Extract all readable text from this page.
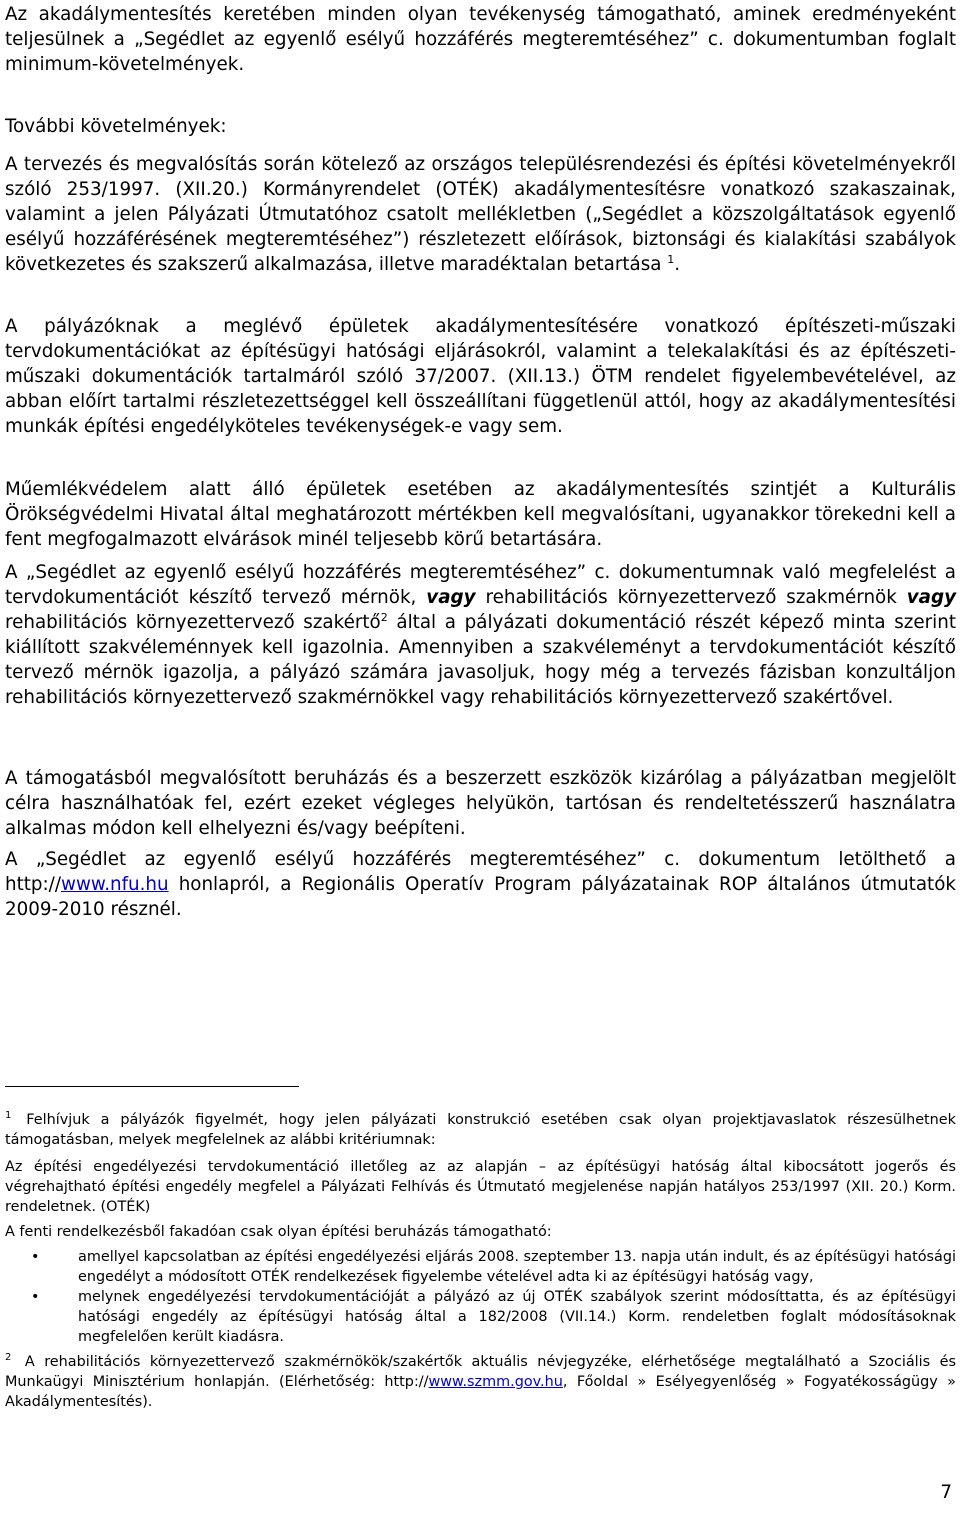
Az akadálymentesítés keretében minden olyan tevékenység támogatható, aminek eredményeként teljesülnek a „Segédlet az egyenlő esélyű hozzáférés megteremtéséhez” c. dokumentumban foglalt minimum-követelmények.

További követelmények:

A tervezés és megvalósítás során kötelező az országos településrendezési és építési követelményekről szóló 253/1997. (XII.20.) Kormányrendelet (OTÉK) akadálymentesítésre vonatkozó szakaszainak, valamint a jelen Pályázati Útmutatóhoz csatolt mellékletben („Segédlet a közszolgáltatások egyenlő esélyű hozzáférésének megteremtéséhez”) részletezett előírások, biztonsági és kialakítási szabályok következetes és szakszerű alkalmazása, illetve maradéktalan betartása $^1$.

A pályázóknak a meglévő épületek akadálymentesítésére vonatkozó építészeti-műszaki tervdokumentációkat az építésügyi hatósági eljárásokról, valamint a telekalakítási és az építészeti-műszaki dokumentációk tartalmáról szóló 37/2007. (XII.13.) ÖTM rendelet figyelembevételével, az abban előírt tartalmi részletezettséggel kell összeállítani függetlenül attól, hogy az akadálymentesítési munkák építési engedélyköteles tevékenységek-e vagy sem.

Műemlékvédelem alatt álló épületek esetében az akadálymentesítés szintjét a Kulturális Örökségvédelmi Hivatal által meghatározott mértékben kell megvalósítani, ugyanakkor törekedni kell a fent megfogalmazott elvárások minél teljesebb körű betartására.

A „Segédlet az egyenlő esélyű hozzáférés megteremtéséhez” c. dokumentumnak való megfelelést a tervdokumentációt készítő tervező mérnök, vagy rehabilitációs környezettervező szakmérnök vagy rehabilitációs környezettervező szakértő$^2$ által a pályázati dokumentáció részét képező minta szerint kiállított szakvéleménnyek kell igazolnia. Amennyiben a szakvéleményt a tervdokumentációt készítő tervező mérnök igazolja, a pályázó számára javasoljuk, hogy még a tervezés fázisban konzultáljon rehabilitációs környezettervező szakmérnökkel vagy rehabilitációs környezettervező szakértővel.

A támogatásból megvalósított beruházás és a beszerzett eszközök kizárólag a pályázatban megjelölt célra használhatóak fel, ezért ezeket végleges helyükön, tartósan és rendeltetésszerű használatra alkalmas módon kell elhelyezni és/vagy beépíteni.

A „Segédlet az egyenlő esélyű hozzáférés megteremtéséhez” c. dokumentum letölthető a http://www.nfu.hu honlapról, a Regionális Operatív Program pályázatainak ROP általános útmutatók 2009-2010 résznél.

$^1$ Felhívjuk a pályázók figyelmét, hogy jelen pályázati konstrukció esetében csak olyan projektjavaslatok részesülhetnek támogatásban, melyek megfelelnek az alábbi kritériumnak:

Az építési engedélyezési tervdokumentáció illetőleg az az alapján – az építésügyi hatóság által kibocsátott jogerős és végrehajtható építési engedély megfelel a Pályázati Felhívás és Útmutató megjelenése napján hatályos 253/1997 (XII. 20.) Korm. rendeletnek. (OTÉK)

A fenti rendelkezésből fakadóan csak olyan építési beruházás támogatható:

•	amellyel kapcsolatban az építési engedélyezési eljárás 2008. szeptember 13. napja után indult, és az építésügyi hatósági engedélyt a módosított OTÉK rendelkezések figyelembe vételével adta ki az építésügyi hatóság vagy,
•	melynek engedélyezési tervdokumentációját a pályázó az új OTÉK szabályok szerint módosíttatta, és az építésügyi hatósági engedély az építésügyi hatóság által a 182/2008 (VII.14.) Korm. rendeletben foglalt módosításoknak megfelelően került kiadásra.

$^2$ A rehabilitációs környezettervező szakmérnökök/szakértők aktuális névjegyzéke, elérhetősége megtalálható a Szociális és Munkaügyi Minisztérium honlapján. (Elérhetőség: http://www.szmm.gov.hu, Főoldal » Esélyegyenlőség » Fogyatékosságügy » Akadálymentesítés).

7
